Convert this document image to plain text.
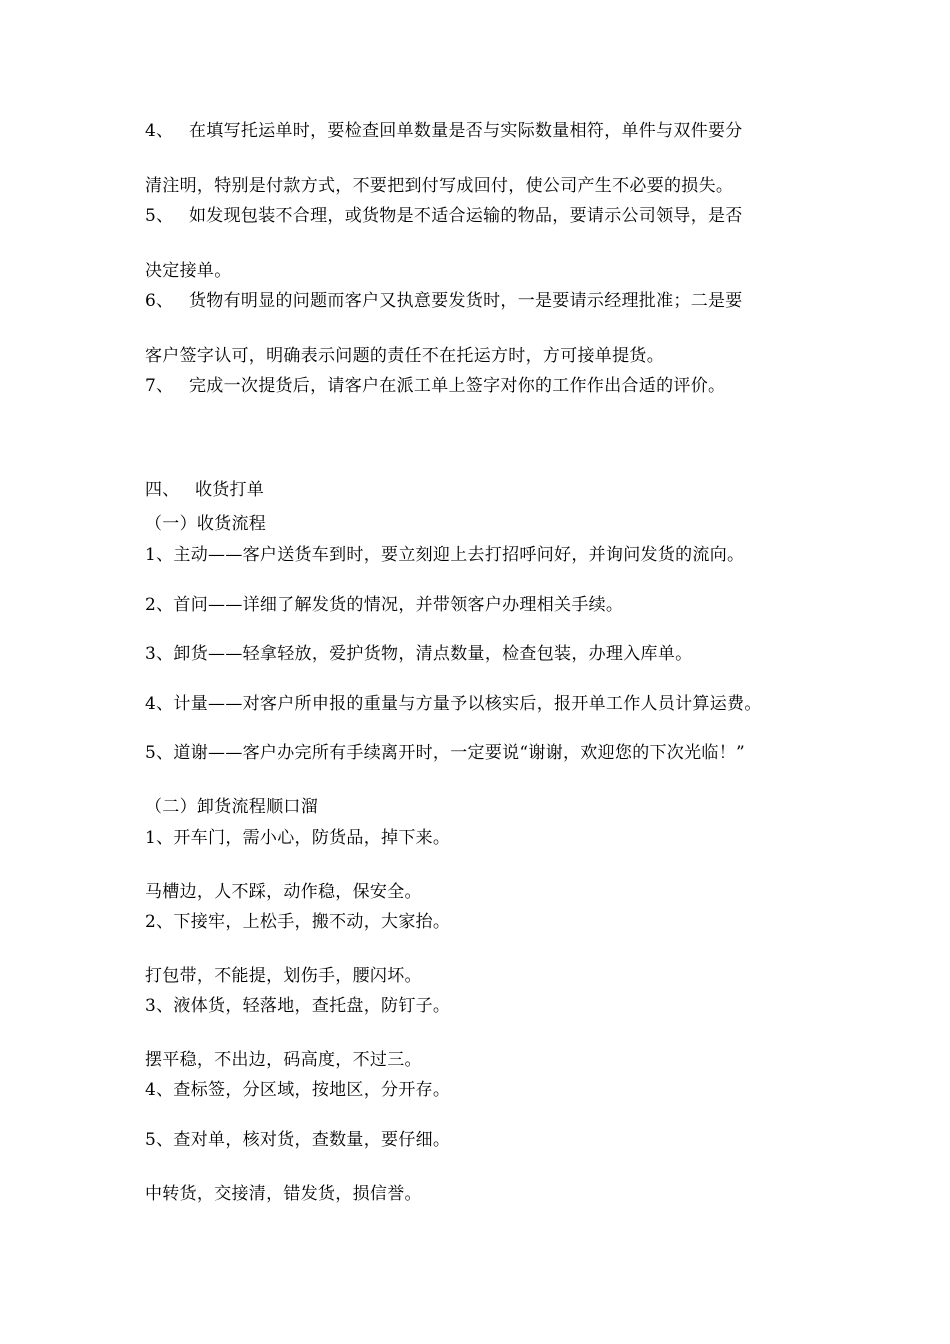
4、 在填写托运单时，要检查回单数量是否与实际数量相符，单件与双件要分
清注明，特别是付款方式，不要把到付写成回付，使公司产生不必要的损失。
5、 如发现包装不合理，或货物是不适合运输的物品，要请示公司领导，是否
决定接单。
6、 货物有明显的问题而客户又执意要发货时，一是要请示经理批准；二是要
客户签字认可，明确表示问题的责任不在托运方时，方可接单提货。
7、 完成一次提货后，请客户在派工单上签字对你的工作作出合适的评价。
四、 收货打单
（一）收货流程
1、主动——客户送货车到时，要立刻迎上去打招呼问好，并询问发货的流向。
2、首问——详细了解发货的情况，并带领客户办理相关手续。
3、卸货——轻拿轻放，爱护货物，清点数量，检查包装，办理入库单。
4、计量——对客户所申报的重量与方量予以核实后，报开单工作人员计算运费。
5、道谢——客户办完所有手续离开时，一定要说“谢谢，欢迎您的下次光临！”
（二）卸货流程顺口溜
1、开车门，需小心，防货品，掉下来。
马槽边，人不踩，动作稳，保安全。
2、下接牢，上松手，搬不动，大家抬。
打包带，不能提，划伤手，腰闪坏。
3、液体货，轻落地，查托盘，防钉子。
摆平稳，不出边，码高度，不过三。
4、查标签，分区域，按地区，分开存。
5、查对单，核对货，查数量，要仔细。
中转货，交接清，错发货，损信誉。
